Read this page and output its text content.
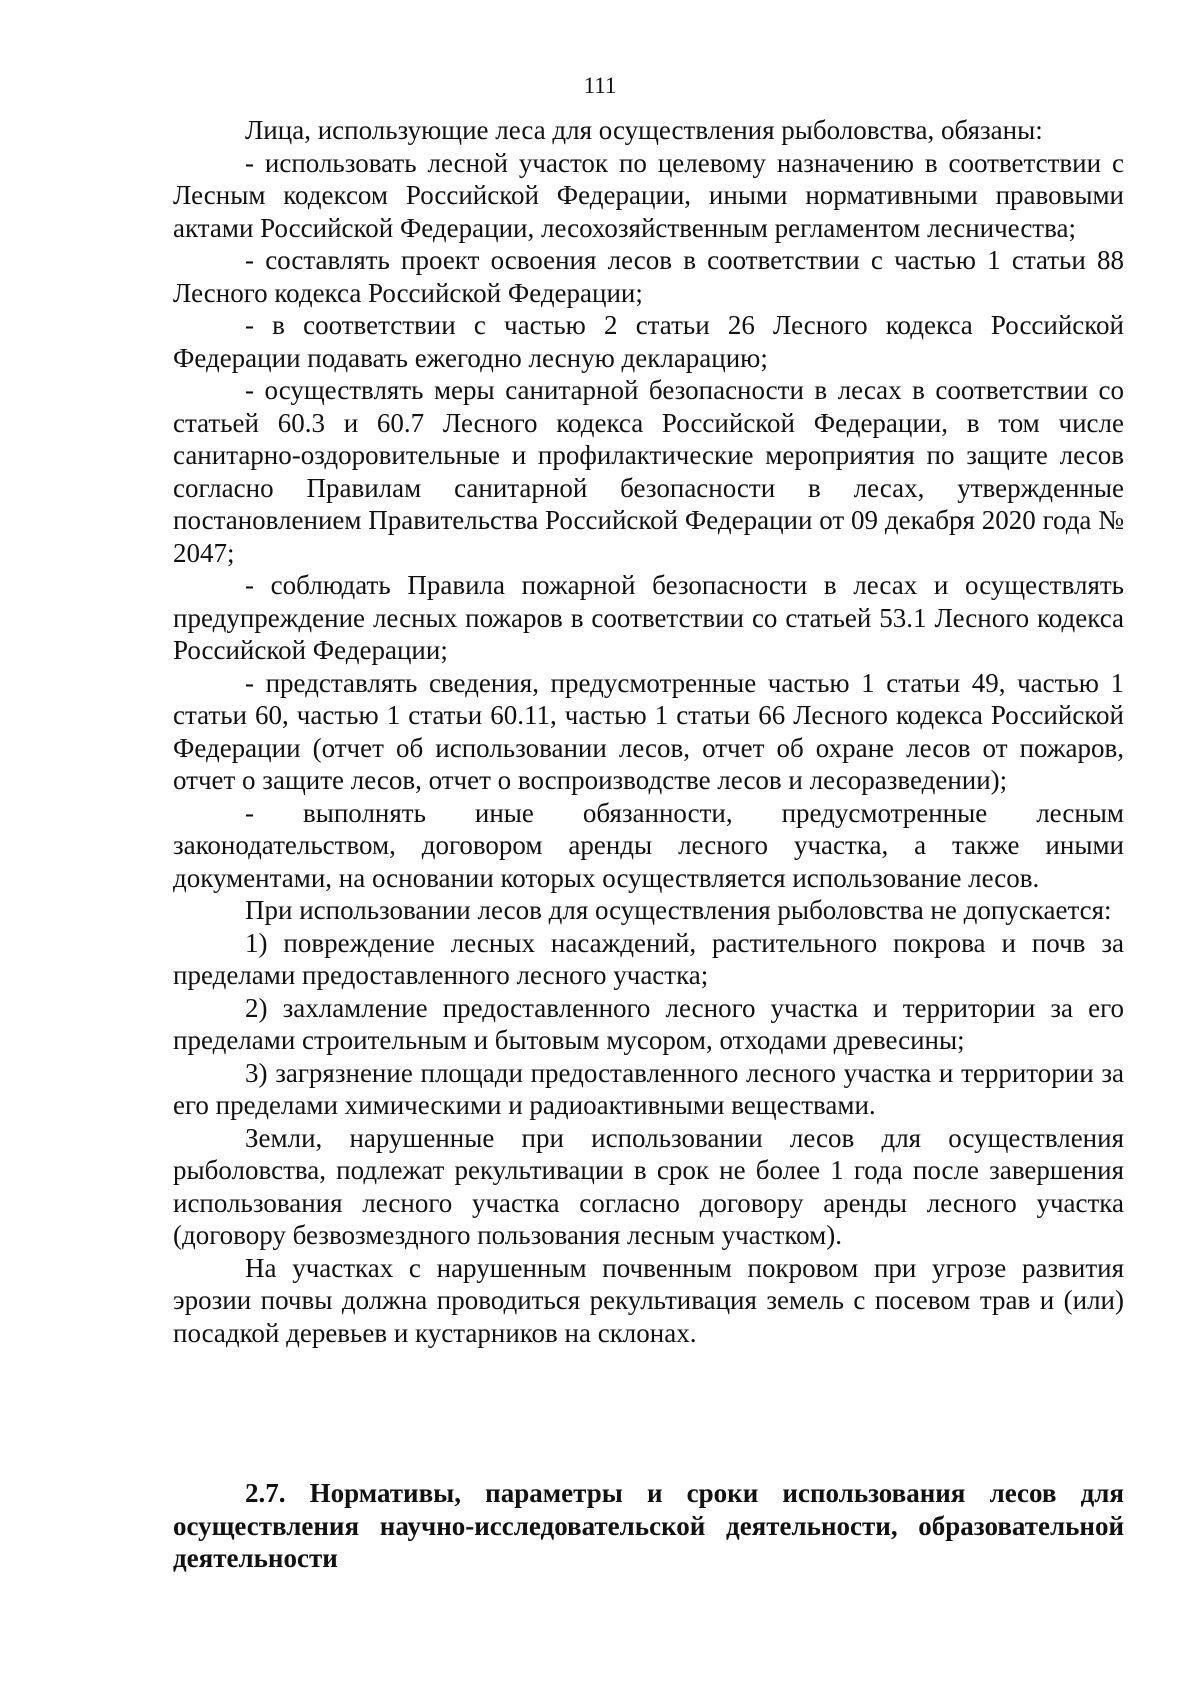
111

Лица, использующие леса для осуществления рыболовства, обязаны:

- использовать лесной участок по целевому назначению в соответствии с Лесным кодексом Российской Федерации, иными нормативными правовыми актами Российской Федерации, лесохозяйственным регламентом лесничества;

- составлять проект освоения лесов в соответствии с частью 1 статьи 88 Лесного кодекса Российской Федерации;

- в соответствии с частью 2 статьи 26 Лесного кодекса Российской Федерации подавать ежегодно лесную декларацию;

- осуществлять меры санитарной безопасности в лесах в соответствии со статьей 60.3 и 60.7 Лесного кодекса Российской Федерации, в том числе санитарно-оздоровительные и профилактические мероприятия по защите лесов согласно Правилам санитарной безопасности в лесах, утвержденные постановлением Правительства Российской Федерации от 09 декабря 2020 года № 2047;

- соблюдать Правила пожарной безопасности в лесах и осуществлять предупреждение лесных пожаров в соответствии со статьей 53.1 Лесного кодекса Российской Федерации;

- представлять сведения, предусмотренные частью 1 статьи 49, частью 1 статьи 60, частью 1 статьи 60.11, частью 1 статьи 66 Лесного кодекса Российской Федерации (отчет об использовании лесов, отчет об охране лесов от пожаров, отчет о защите лесов, отчет о воспроизводстве лесов и лесоразведении);

- выполнять иные обязанности, предусмотренные лесным законодательством, договором аренды лесного участка, а также иными документами, на основании которых осуществляется использование лесов.

При использовании лесов для осуществления рыболовства не допускается:

1) повреждение лесных насаждений, растительного покрова и почв за пределами предоставленного лесного участка;

2) захламление предоставленного лесного участка и территории за его пределами строительным и бытовым мусором, отходами древесины;

3) загрязнение площади предоставленного лесного участка и территории за его пределами химическими и радиоактивными веществами.

Земли, нарушенные при использовании лесов для осуществления рыболовства, подлежат рекультивации в срок не более 1 года после завершения использования лесного участка согласно договору аренды лесного участка (договору безвозмездного пользования лесным участком).

На участках с нарушенным почвенным покровом при угрозе развития эрозии почвы должна проводиться рекультивация земель с посевом трав и (или) посадкой деревьев и кустарников на склонах.

2.7. Нормативы, параметры и сроки использования лесов для осуществления научно-исследовательской деятельности, образовательной деятельности
